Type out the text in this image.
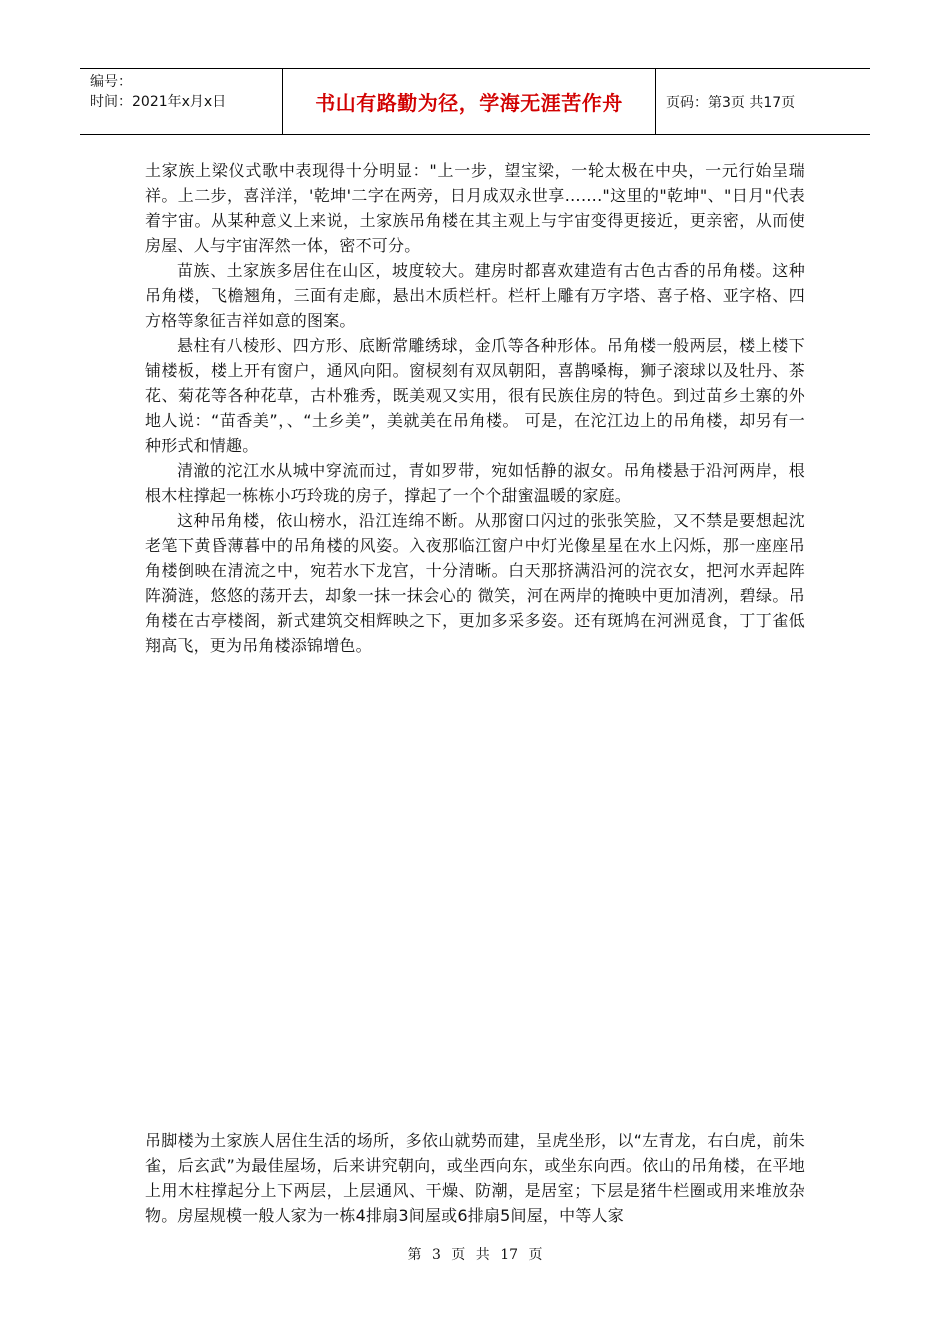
编号：
时间：2021年x月x日	书山有路勤为径，学海无涯苦作舟	页码：第3页 共17页

土家族上梁仪式歌中表现得十分明显："上一步，望宝梁，一轮太极在中央，一元行始呈瑞祥。上二步，喜洋洋，'乾坤'二字在两旁，日月成双永世享……."这里的"乾坤"、"日月"代表着宇宙。从某种意义上来说，土家族吊角楼在其主观上与宇宙变得更接近，更亲密，从而使房屋、人与宇宙浑然一体，密不可分。

苗族、土家族多居住在山区，坡度较大。建房时都喜欢建造有古色古香的吊角楼。这种吊角楼，飞檐翘角，三面有走廊，悬出木质栏杆。栏杆上雕有万字塔、喜子格、亚字格、四方格等象征吉祥如意的图案。

悬柱有八棱形、四方形、底断常雕绣球，金爪等各种形体。吊角楼一般两层，楼上楼下铺楼板，楼上开有窗户，通风向阳。窗棂刻有双凤朝阳，喜鹊嗓梅，狮子滚球以及牡丹、茶花、菊花等各种花草，古朴雅秀，既美观又实用，很有民族住房的特色。到过苗乡土寨的外地人说：“苗香美”，、“土乡美”，美就美在吊角楼。 可是，在沱江边上的吊角楼，却另有一种形式和情趣。

清澈的沱江水从城中穿流而过，青如罗带，宛如恬静的淑女。吊角楼悬于沿河两岸，根根木柱撑起一栋栋小巧玲珑的房子，撑起了一个个甜蜜温暖的家庭。

这种吊角楼，依山榜水，沿江连绵不断。从那窗口闪过的张张笑脸，又不禁是要想起沈老笔下黄昏薄暮中的吊角楼的风姿。入夜那临江窗户中灯光像星星在水上闪烁，那一座座吊角楼倒映在清流之中，宛若水下龙宫，十分清晰。白天那挤满沿河的浣衣女，把河水弄起阵阵漪涟，悠悠的荡开去，却象一抹一抹会心的 微笑，河在两岸的掩映中更加清冽，碧绿。吊角楼在古亭楼阁，新式建筑交相辉映之下，更加多采多姿。还有斑鸠在河洲觅食，丁丁雀低翔高飞，更为吊角楼添锦增色。

吊脚楼为土家族人居住生活的场所，多依山就势而建，呈虎坐形，以“左青龙，右白虎，前朱雀，后玄武”为最佳屋场，后来讲究朝向，或坐西向东，或坐东向西。依山的吊角楼，在平地上用木柱撑起分上下两层，上层通风、干燥、防潮，是居室；下层是猪牛栏圈或用来堆放杂物。房屋规模一般人家为一栋4排扇3间屋或6排扇5间屋，中等人家

第 3 页 共 17 页
